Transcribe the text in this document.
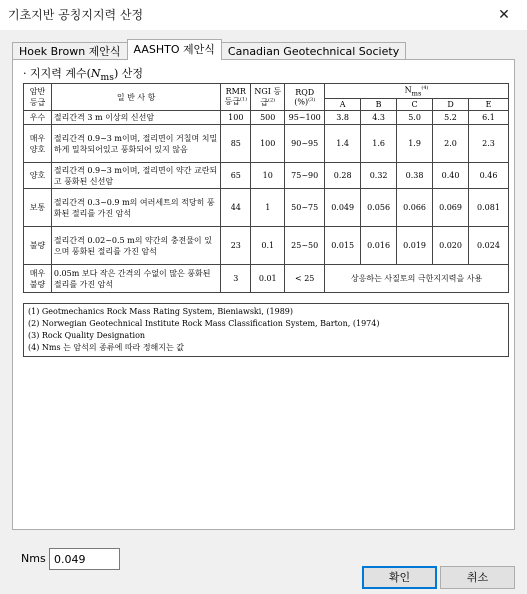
기초지반 공칭지지력 산정	✕
Hoek Brown 제안식	AASHTO 제안식	Canadian Geotechnical Society
· 지지력 계수$(N_{ms})$ 산정
암반 등급	일 반 사 항	RMR 등급$^{(1)}$	NGI 등급$^{(2)}$	RQD (%)$^{(3)}$	$N_{ms}^{(4)}$
					A	B	C	D	E
우수	절리간격 3 m 이상의 신선암	100	500	95~100	3.8	4.3	5.0	5.2	6.1
매우 양호	절리간격 0.9~3 m이며, 절리면이 거칠며 치밀하게 밀착되어있고 풍화되어 있지 않음	85	100	90~95	1.4	1.6	1.9	2.0	2.3
양호	절리간격 0.9~3 m이며, 절리면이 약간 교란되고 풍화된 신선암	65	10	75~90	0.28	0.32	0.38	0.40	0.46
보통	절리간격 0.3~0.9 m의 여러세트의 적당히 풍화된 절리를 가진 암석	44	1	50~75	0.049	0.056	0.066	0.069	0.081
불량	절리간격 0.02~0.5 m의 약간의 충전물이 있으며 풍화된 절리를 가진 암석	23	0.1	25~50	0.015	0.016	0.019	0.020	0.024
매우 불량	0.05m 보다 작은 간격의 수없이 많은 풍화된 절리를 가진 암석	3	0.01	< 25	상응하는 사질토의 극한지지력을 사용				
(1) Geotmechanics Rock Mass Rating System, Bieniawski, (1989)
(2) Norwegian Geotechnical Institute Rock Mass Classification System, Barton, (1974)
(3) Rock Quality Designation
(4) Nms 는 암석의 종류에 따라 정해지는 값
Nms
0.049
확인	취소
